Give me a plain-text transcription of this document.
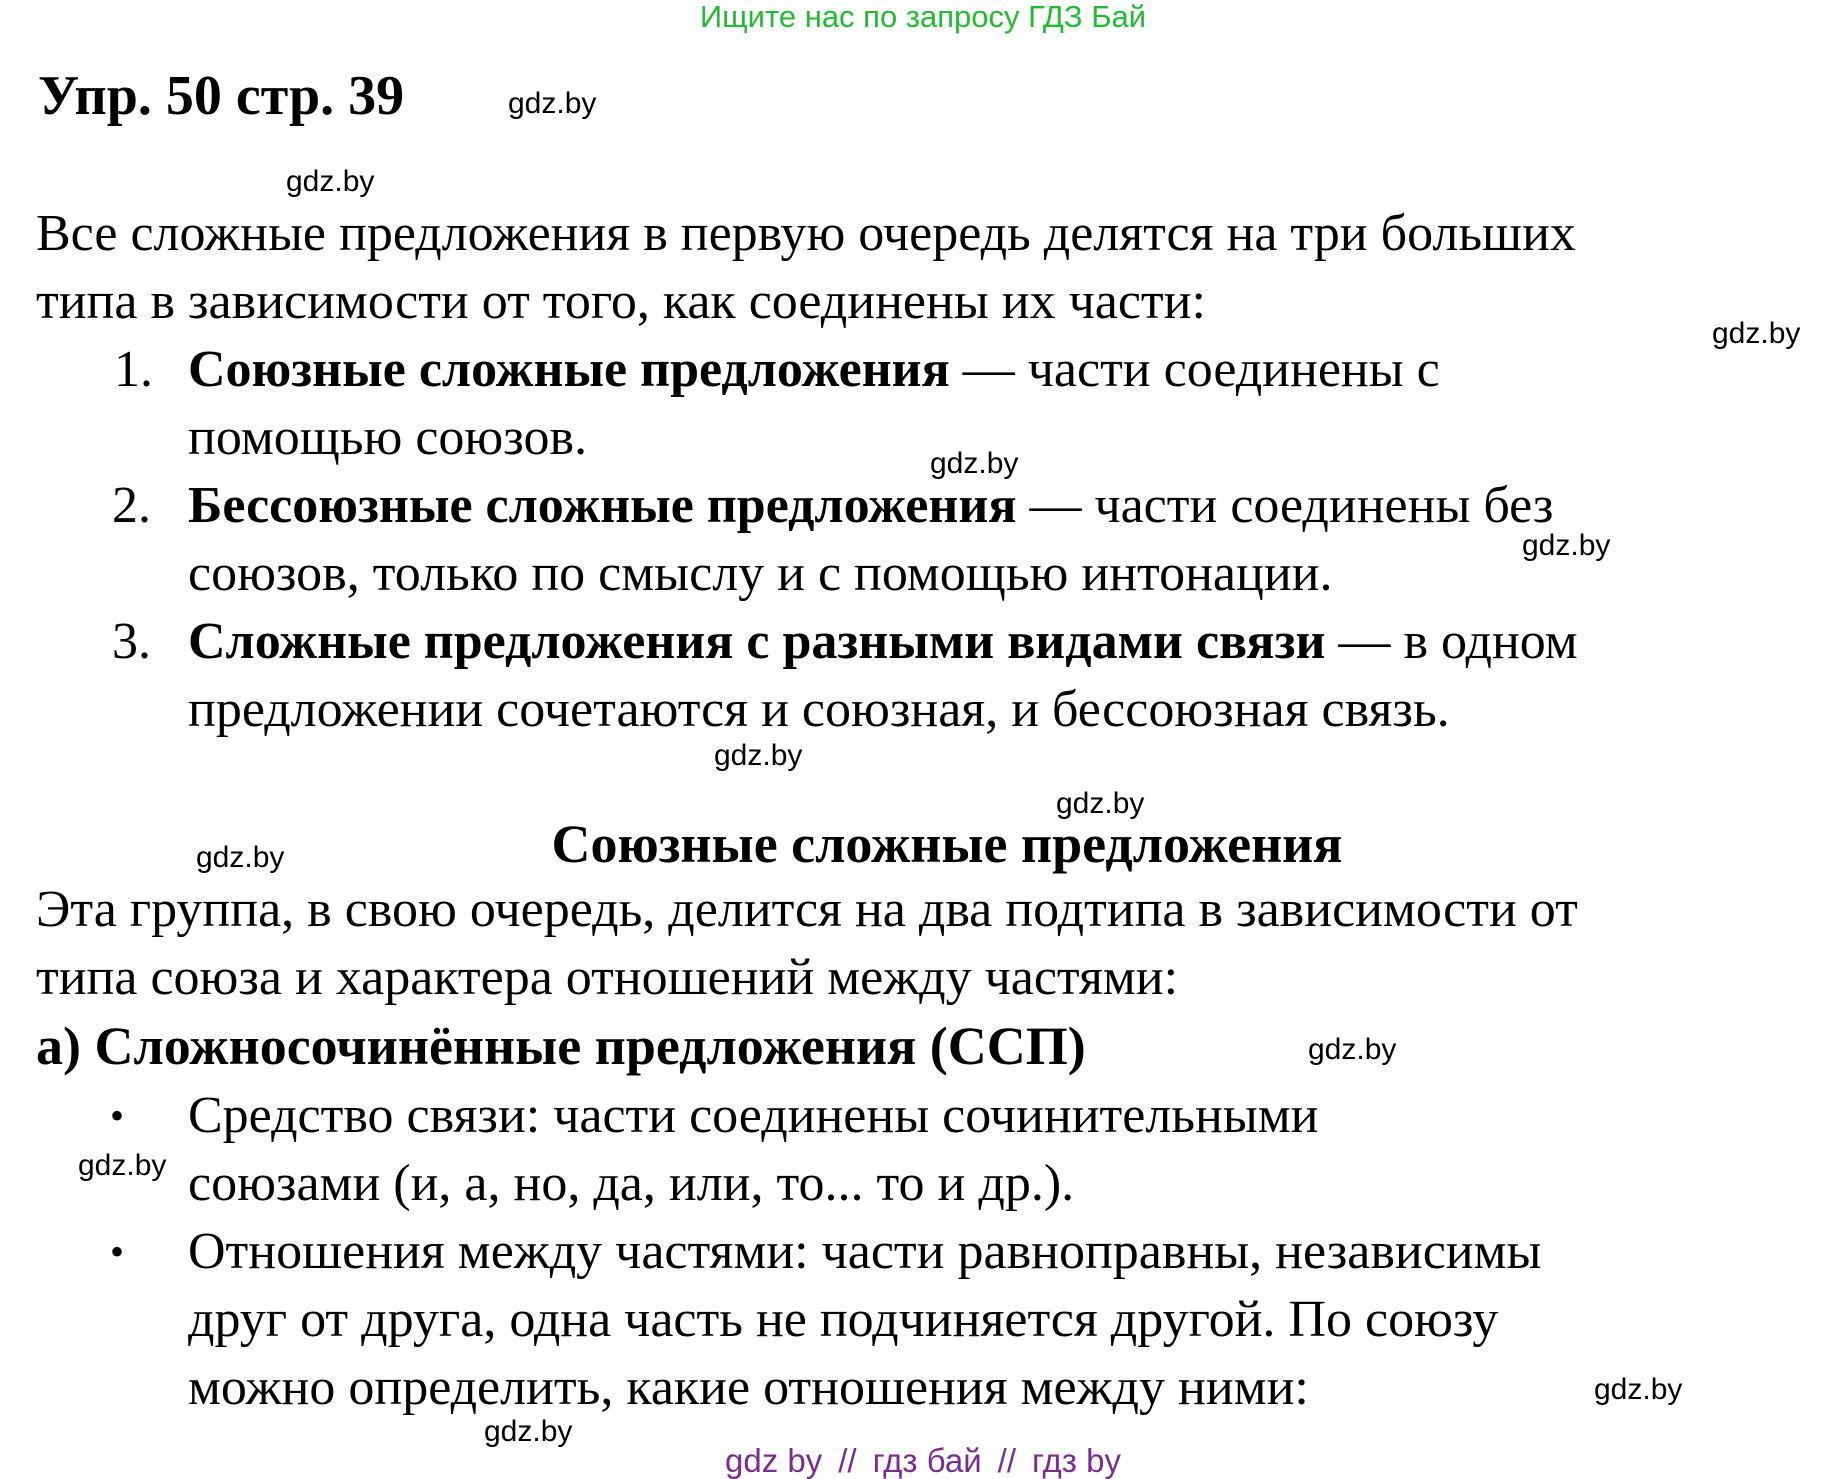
Ищите нас по запросу ГДЗ Бай
Упр. 50 стр. 39	gdz.by
gdz.by
gdz.by
gdz.by
gdz.by
gdz.by
gdz.by
gdz.by
gdz.by
gdz.by
gdz.by
gdz.by
Все сложные предложения в первую очередь делятся на три больших
типа в зависимости от того, как соединены их части:
1. Союзные сложные предложения — части соединены с
помощью союзов.
2. Бессоюзные сложные предложения — части соединены без
союзов, только по смыслу и с помощью интонации.
3. Сложные предложения с разными видами связи — в одном
предложении сочетаются и союзная, и бессоюзная связь.
Союзные сложные предложения
Эта группа, в свою очередь, делится на два подтипа в зависимости от
типа союза и характера отношений между частями:
а) Сложносочинённые предложения (ССП)
• Средство связи: части соединены сочинительными
союзами (и, а, но, да, или, то... то и др.).
• Отношения между частями: части равноправны, независимы
друг от друга, одна часть не подчиняется другой. По союзу
можно определить, какие отношения между ними:
gdz by // гдз бай // гдз by
